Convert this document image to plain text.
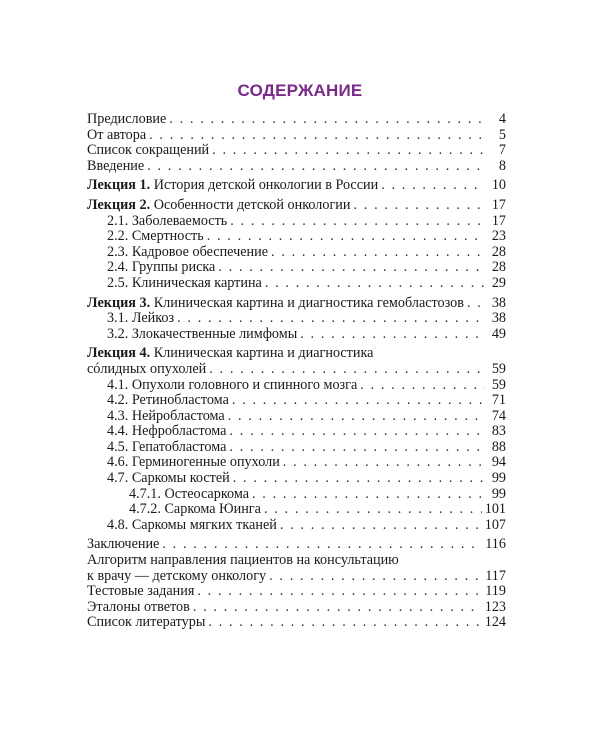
СОДЕРЖАНИЕ
Предисловие . . .	4
От автора . . .	5
Список сокращений . . .	7
Введение . . .	8
Лекция 1. История детской онкологии в России . . .	10
Лекция 2. Особенности детской онкологии . . .	17
2.1. Заболеваемость . . .	17
2.2. Смертность . . .	23
2.3. Кадровое обеспечение . . .	28
2.4. Группы риска . . .	28
2.5. Клиническая картина . . .	29
Лекция 3. Клиническая картина и диагностика гемобластозов . . . 38
3.1. Лейкоз . . .	38
3.2. Злокачественные лимфомы . . .	49
Лекция 4. Клиническая картина и диагностика
сóлидных опухолей . . .	59
4.1. Опухоли головного и спинного мозга . . .	59
4.2. Ретинобластома . . .	71
4.3. Нейробластома . . .	74
4.4. Нефробластома . . .	83
4.5. Гепатобластома . . .	88
4.6. Герминогенные опухоли . . .	94
4.7. Саркомы костей . . .	99
4.7.1. Остеосаркома . . .	99
4.7.2. Саркома Юинга . . .	101
4.8. Саркомы мягких тканей . . .	107
Заключение . . .	116
Алгоритм направления пациентов на консультацию
к врачу — детскому онкологу . . .	117
Тестовые задания . . .	119
Эталоны ответов . . .	123
Список литературы . . .	124
